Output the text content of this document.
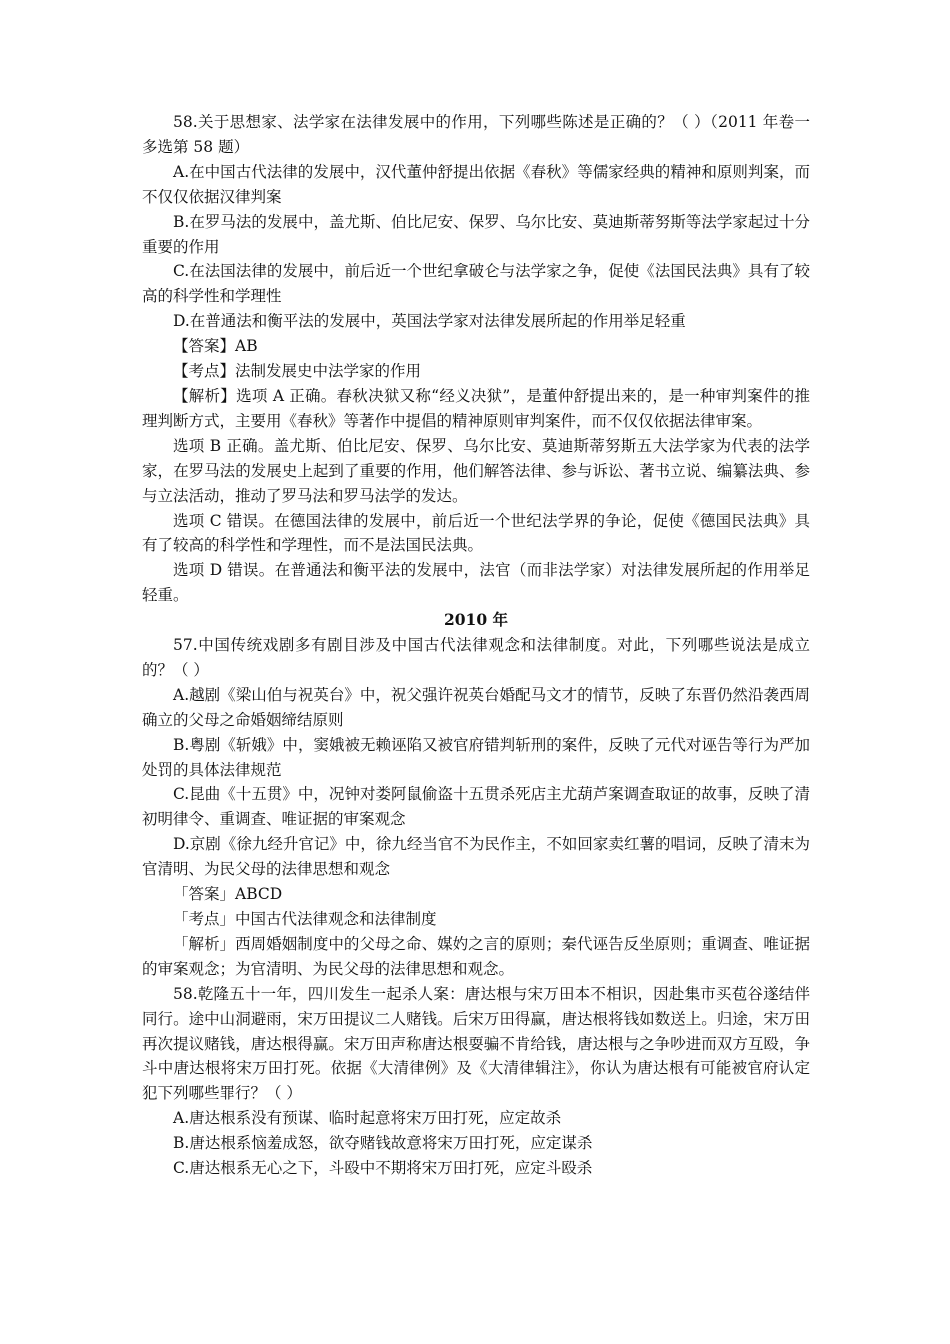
58.关于思想家、法学家在法律发展中的作用，下列哪些陈述是正确的？（ ）（2011 年卷一多选第 58 题）

A.在中国古代法律的发展中，汉代董仲舒提出依据《春秋》等儒家经典的精神和原则判案，而不仅仅依据汉律判案

B.在罗马法的发展中，盖尤斯、伯比尼安、保罗、乌尔比安、莫迪斯蒂努斯等法学家起过十分重要的作用

C.在法国法律的发展中，前后近一个世纪拿破仑与法学家之争，促使《法国民法典》具有了较高的科学性和学理性

D.在普通法和衡平法的发展中，英国法学家对法律发展所起的作用举足轻重

【答案】AB

【考点】法制发展史中法学家的作用

【解析】选项 A 正确。春秋决狱又称“经义决狱”，是董仲舒提出来的，是一种审判案件的推理判断方式，主要用《春秋》等著作中提倡的精神原则审判案件，而不仅仅依据法律审案。

选项 B 正确。盖尤斯、伯比尼安、保罗、乌尔比安、莫迪斯蒂努斯五大法学家为代表的法学家，在罗马法的发展史上起到了重要的作用，他们解答法律、参与诉讼、著书立说、编纂法典、参与立法活动，推动了罗马法和罗马法学的发达。

选项 C 错误。在德国法律的发展中，前后近一个世纪法学界的争论，促使《德国民法典》具有了较高的科学性和学理性，而不是法国民法典。

选项 D 错误。在普通法和衡平法的发展中，法官（而非法学家）对法律发展所起的作用举足轻重。

2010 年

57.中国传统戏剧多有剧目涉及中国古代法律观念和法律制度。对此，下列哪些说法是成立的？（ ）

A.越剧《梁山伯与祝英台》中，祝父强许祝英台婚配马文才的情节，反映了东晋仍然沿袭西周确立的父母之命婚姻缔结原则

B.粤剧《斩娥》中，窦娥被无赖诬陷又被官府错判斩刑的案件，反映了元代对诬告等行为严加处罚的具体法律规范

C.昆曲《十五贯》中，况钟对娄阿鼠偷盗十五贯杀死店主尤葫芦案调查取证的故事，反映了清初明律令、重调查、唯证据的审案观念

D.京剧《徐九经升官记》中，徐九经当官不为民作主，不如回家卖红薯的唱词，反映了清末为官清明、为民父母的法律思想和观念

「答案」ABCD

「考点」中国古代法律观念和法律制度

「解析」西周婚姻制度中的父母之命、媒妁之言的原则；秦代诬告反坐原则；重调查、唯证据的审案观念；为官清明、为民父母的法律思想和观念。

58.乾隆五十一年，四川发生一起杀人案：唐达根与宋万田本不相识，因赴集市买苞谷遂结伴同行。途中山洞避雨，宋万田提议二人赌钱。后宋万田得赢，唐达根将钱如数送上。归途，宋万田再次提议赌钱，唐达根得赢。宋万田声称唐达根耍骗不肯给钱，唐达根与之争吵进而双方互殴，争斗中唐达根将宋万田打死。依据《大清律例》及《大清律辑注》，你认为唐达根有可能被官府认定犯下列哪些罪行？（ ）

A.唐达根系没有预谋、临时起意将宋万田打死，应定故杀

B.唐达根系恼羞成怒，欲夺赌钱故意将宋万田打死，应定谋杀

C.唐达根系无心之下，斗殴中不期将宋万田打死，应定斗殴杀
